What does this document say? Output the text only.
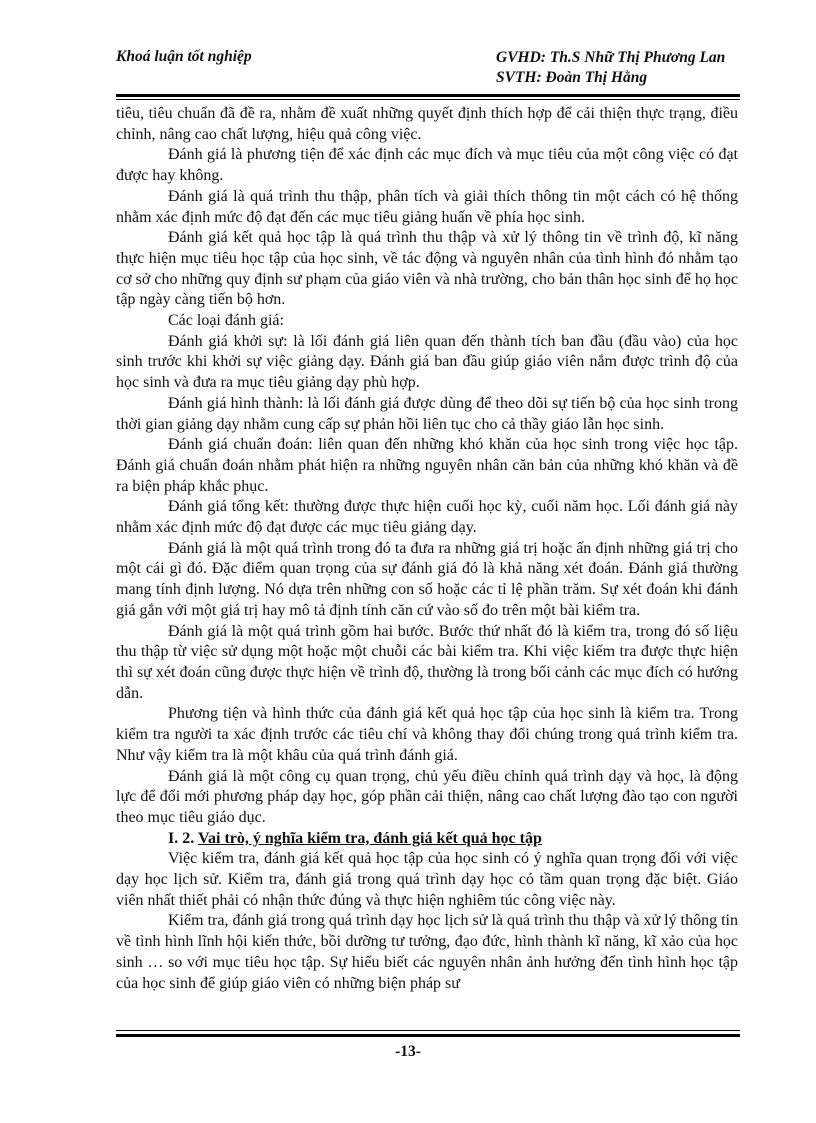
Khoá luận tốt nghiệp	GVHD: Th.S Nhữ Thị Phương Lan
SVTH: Đoàn Thị Hằng

tiêu, tiêu chuẩn đã đề ra, nhằm đề xuất những quyết định thích hợp để cải thiện thực trạng, điều chỉnh, nâng cao chất lượng, hiệu quả công việc.

Đánh giá là phương tiện để xác định các mục đích và mục tiêu của một công việc có đạt được hay không.

Đánh giá là quá trình thu thập, phân tích và giải thích thông tin một cách có hệ thống nhằm xác định mức độ đạt đến các mục tiêu giảng huấn về phía học sinh.

Đánh giá kết quả học tập là quá trình thu thập và xử lý thông tin về trình độ, kĩ năng thực hiện mục tiêu học tập của học sinh, về tác động và nguyên nhân của tình hình đó nhằm tạo cơ sở cho những quy định sư phạm của giáo viên và nhà trường, cho bản thân học sinh để họ học tập ngày càng tiến bộ hơn.

Các loại đánh giá:

Đánh giá khởi sự: là lối đánh giá liên quan đến thành tích ban đầu (đầu vào) của học sinh trước khi khởi sự việc giảng dạy. Đánh giá ban đầu giúp giáo viên nắm được trình độ của học sinh và đưa ra mục tiêu giảng dạy phù hợp.

Đánh giá hình thành: là lối đánh giá được dùng để theo dõi sự tiến bộ của học sinh trong thời gian giảng dạy nhằm cung cấp sự phản hồi liên tục cho cả thầy giáo lẫn học sinh.

Đánh giá chuẩn đoán: liên quan đến những khó khăn của học sinh trong việc học tập. Đánh giá chuẩn đoán nhằm phát hiện ra những nguyên nhân căn bản của những khó khăn và đề ra biện pháp khắc phục.

Đánh giá tổng kết: thường được thực hiện cuối học kỳ, cuối năm học. Lối đánh giá này nhằm xác định mức độ đạt được các mục tiêu giảng dạy.

Đánh giá là một quá trình trong đó ta đưa ra những giá trị hoặc ấn định những giá trị cho một cái gì đó. Đặc điểm quan trọng của sự đánh giá đó là khả năng xét đoán. Đánh giá thường mang tính định lượng. Nó dựa trên những con số hoặc các tỉ lệ phần trăm. Sự xét đoán khi đánh giá gắn với một giá trị hay mô tả định tính căn cứ vào số đo trên một bài kiểm tra.

Đánh giá là một quá trình gồm hai bước. Bước thứ nhất đó là kiểm tra, trong đó số liệu thu thập từ việc sử dụng một hoặc một chuỗi các bài kiểm tra. Khi việc kiểm tra được thực hiện thì sự xét đoán cũng được thực hiện về trình độ, thường là trong bối cảnh các mục đích có hướng dẫn.

Phương tiện và hình thức của đánh giá kết quả học tập của học sinh là kiểm tra. Trong kiểm tra người ta xác định trước các tiêu chí và không thay đổi chúng trong quá trình kiểm tra. Như vậy kiểm tra là một khâu của quá trình đánh giá.

Đánh giá là một công cụ quan trọng, chủ yếu điều chỉnh quá trình dạy và học, là động lực để đổi mới phương pháp dạy học, góp phần cải thiện, nâng cao chất lượng đào tạo con người theo mục tiêu giáo dục.

I. 2. Vai trò, ý nghĩa kiểm tra, đánh giá kết quả học tập

Việc kiểm tra, đánh giá kết quả học tập của học sinh có ý nghĩa quan trọng đối với việc dạy học lịch sử. Kiểm tra, đánh giá trong quá trình dạy học có tầm quan trọng đặc biệt. Giáo viên nhất thiết phải có nhận thức đúng và thực hiện nghiêm túc công việc này.

Kiểm tra, đánh giá trong quá trình dạy học lịch sử là quá trình thu thập và xử lý thông tin về tình hình lĩnh hội kiến thức, bồi dưỡng tư tưởng, đạo đức, hình thành kĩ năng, kĩ xảo của học sinh … so với mục tiêu học tập. Sự hiểu biết các nguyên nhân ảnh hưởng đến tình hình học tập của học sinh để giúp giáo viên có những biện pháp sư

-13-
